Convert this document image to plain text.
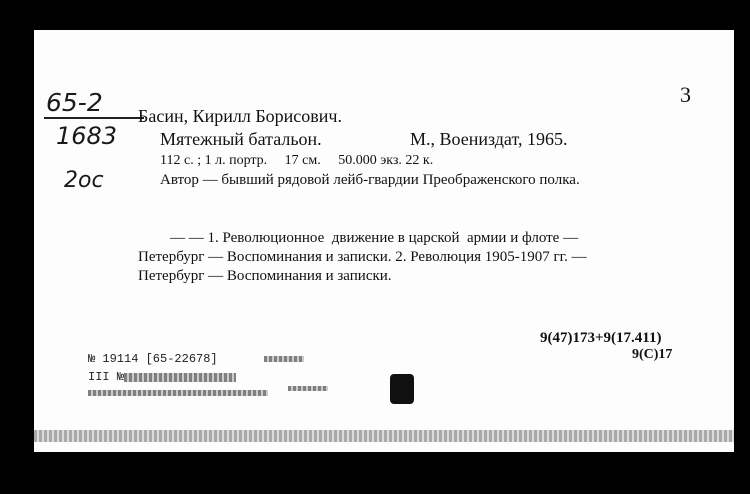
65-2
1683
2ос
3
Басин, Кирилл Борисович.
Мятежный батальон.	М., Воениздат, 1965.
112 с. ; 1 л. портр.     17 см.     50.000 экз. 22 к.
Автор — бывший рядовой лейб-гвардии Преображенского полка.
— — 1. Революционное  движение в царской  армии и флоте —
Петербург — Воспоминания и записки. 2. Революция 1905-1907 гг. —
Петербург — Воспоминания и записки.
9(47)173+9(17.411)
9(С)17
№ 19114 [65-22678]
III №
